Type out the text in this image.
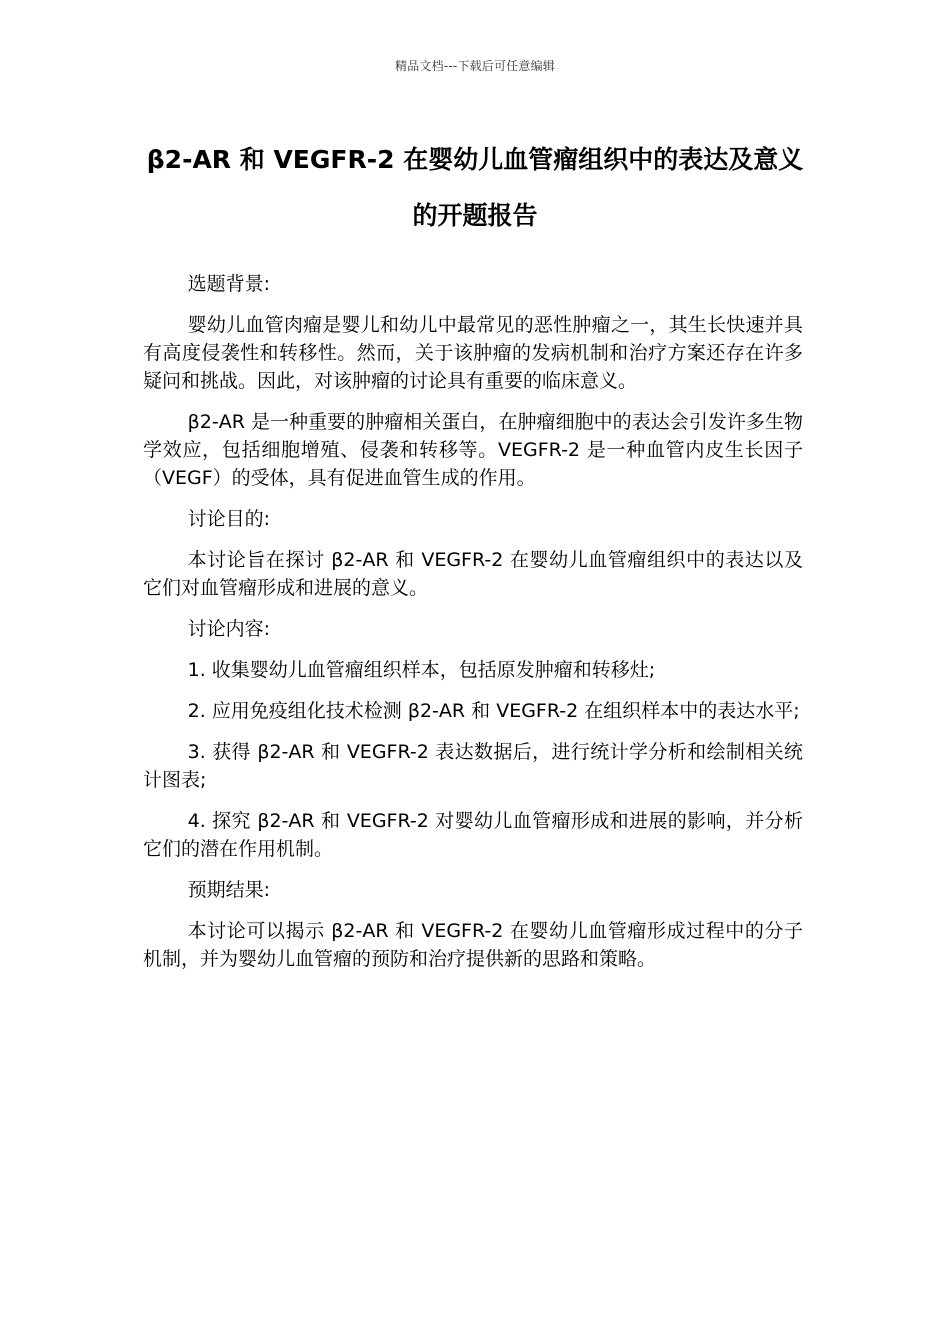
精品文档---下载后可任意编辑
β2-AR 和 VEGFR-2 在婴幼儿血管瘤组织中的表达及意义的开题报告

选题背景:

婴幼儿血管肉瘤是婴儿和幼儿中最常见的恶性肿瘤之一，其生长快速并具有高度侵袭性和转移性。然而，关于该肿瘤的发病机制和治疗方案还存在许多疑问和挑战。因此，对该肿瘤的讨论具有重要的临床意义。

β2-AR 是一种重要的肿瘤相关蛋白，在肿瘤细胞中的表达会引发许多生物学效应，包括细胞增殖、侵袭和转移等。VEGFR-2 是一种血管内皮生长因子（VEGF）的受体，具有促进血管生成的作用。

讨论目的:

本讨论旨在探讨 β2-AR 和 VEGFR-2 在婴幼儿血管瘤组织中的表达以及它们对血管瘤形成和进展的意义。

讨论内容:

1. 收集婴幼儿血管瘤组织样本，包括原发肿瘤和转移灶;

2. 应用免疫组化技术检测 β2-AR 和 VEGFR-2 在组织样本中的表达水平;

3. 获得 β2-AR 和 VEGFR-2 表达数据后，进行统计学分析和绘制相关统计图表;

4. 探究 β2-AR 和 VEGFR-2 对婴幼儿血管瘤形成和进展的影响，并分析它们的潜在作用机制。

预期结果:

本讨论可以揭示 β2-AR 和 VEGFR-2 在婴幼儿血管瘤形成过程中的分子机制，并为婴幼儿血管瘤的预防和治疗提供新的思路和策略。
